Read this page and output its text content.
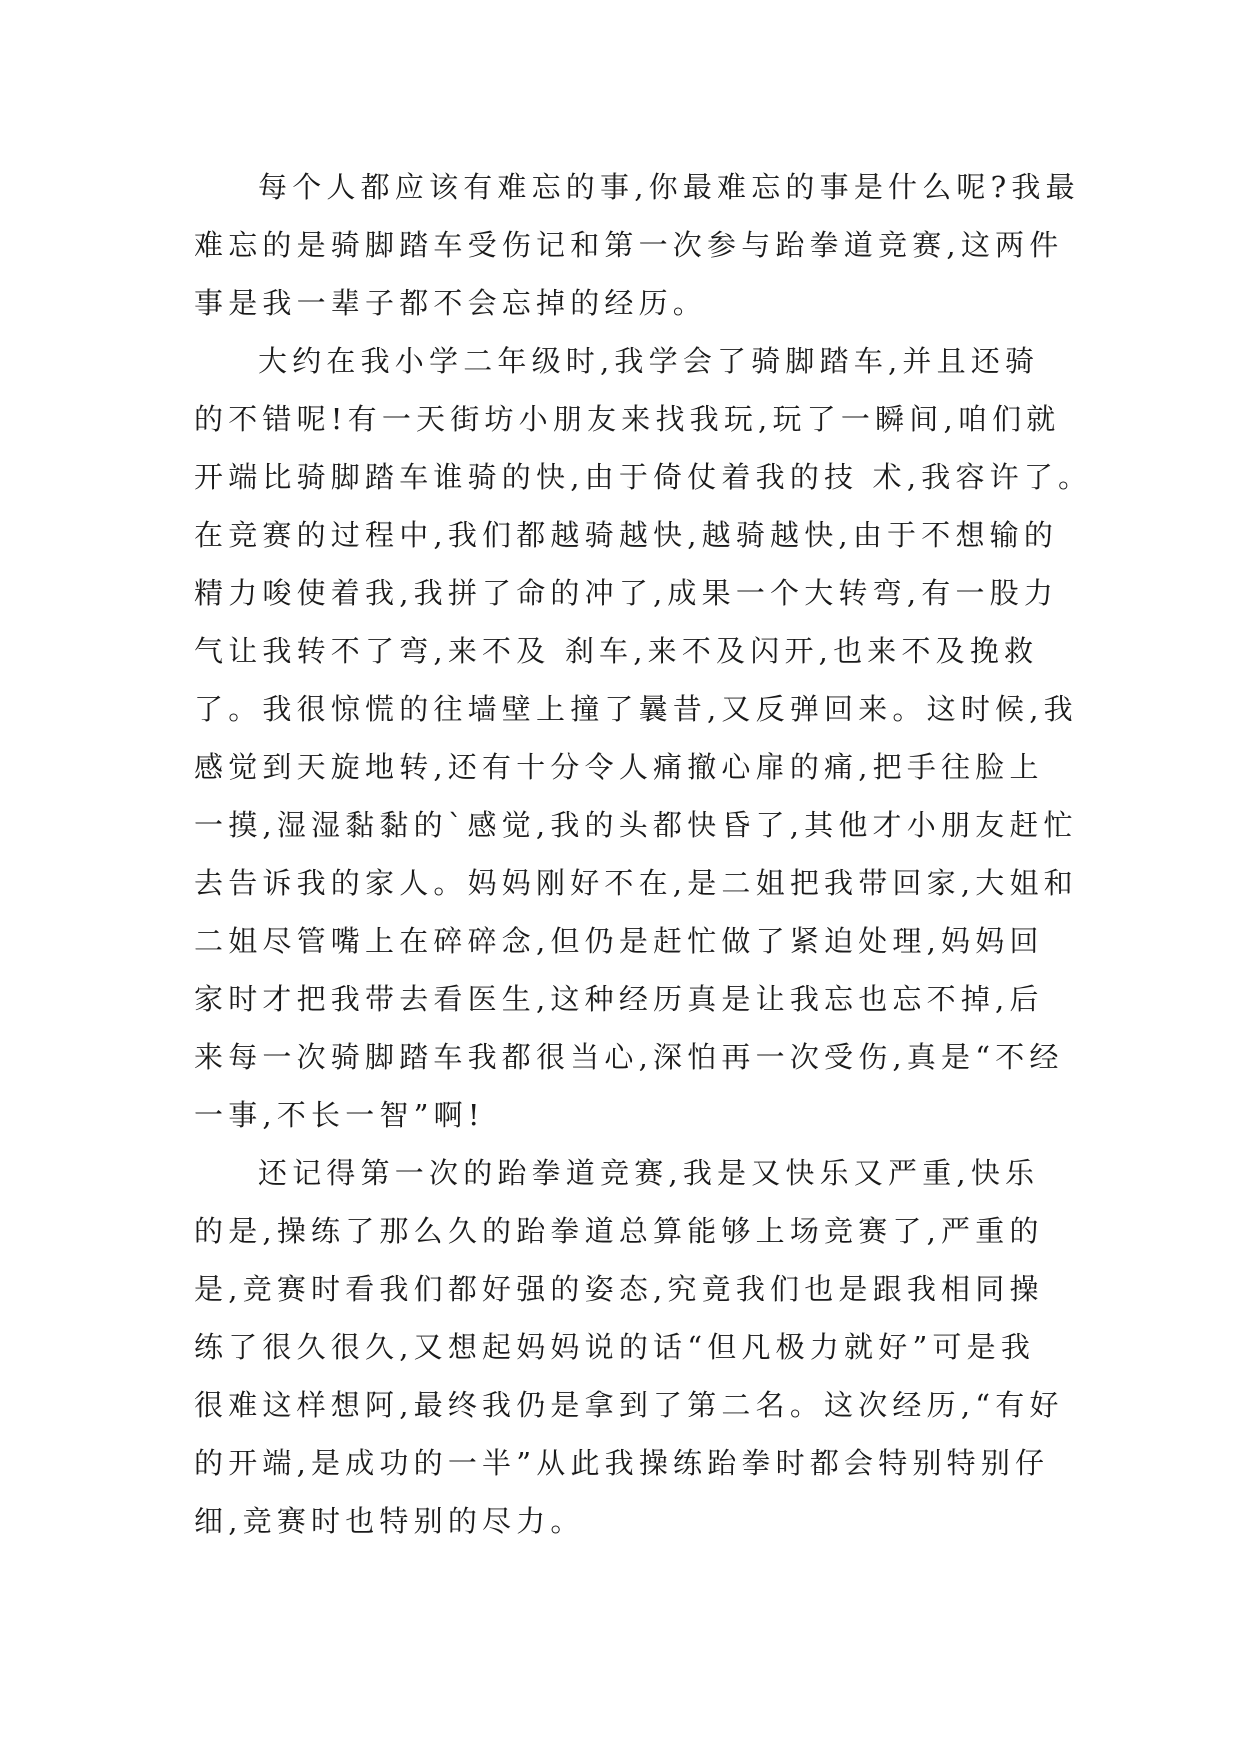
每个人都应该有难忘的事,你最难忘的事是什么呢?我最
难忘的是骑脚踏车受伤记和第一次参与跆拳道竞赛,这两件
事是我一辈子都不会忘掉的经历。
大约在我小学二年级时,我学会了骑脚踏车,并且还骑
的不错呢!有一天街坊小朋友来找我玩,玩了一瞬间,咱们就
开端比骑脚踏车谁骑的快,由于倚仗着我的技 术,我容许了。
在竞赛的过程中,我们都越骑越快,越骑越快,由于不想输的
精力唆使着我,我拼了命的冲了,成果一个大转弯,有一股力
气让我转不了弯,来不及 刹车,来不及闪开,也来不及挽救
了。我很惊慌的往墙壁上撞了曩昔,又反弹回来。这时候,我
感觉到天旋地转,还有十分令人痛撤心扉的痛,把手往脸上
一摸,湿湿黏黏的`感觉,我的头都快昏了,其他才小朋友赶忙
去告诉我的家人。妈妈刚好不在,是二姐把我带回家,大姐和
二姐尽管嘴上在碎碎念,但仍是赶忙做了紧迫处理,妈妈回
家时才把我带去看医生,这种经历真是让我忘也忘不掉,后
来每一次骑脚踏车我都很当心,深怕再一次受伤,真是“不经
一事,不长一智”啊!
还记得第一次的跆拳道竞赛,我是又快乐又严重,快乐
的是,操练了那么久的跆拳道总算能够上场竞赛了,严重的
是,竞赛时看我们都好强的姿态,究竟我们也是跟我相同操
练了很久很久,又想起妈妈说的话“但凡极力就好”可是我
很难这样想阿,最终我仍是拿到了第二名。这次经历,“有好
的开端,是成功的一半”从此我操练跆拳时都会特别特别仔
细,竞赛时也特别的尽力。
